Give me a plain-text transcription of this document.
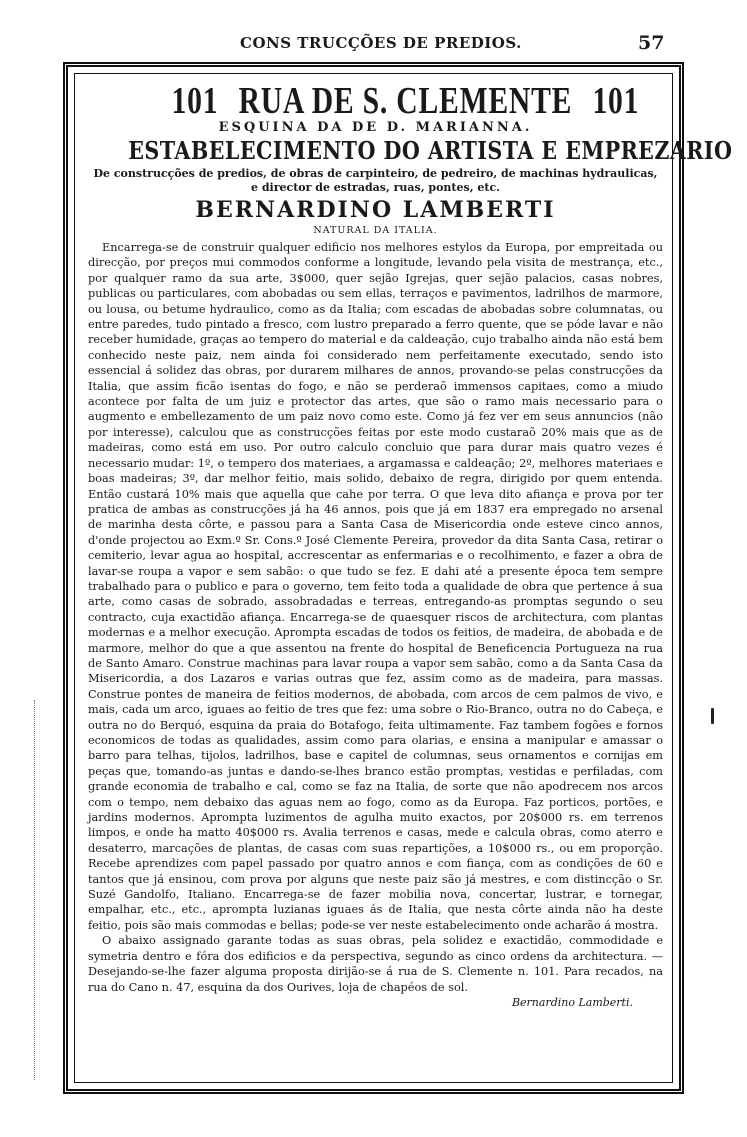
CONS TRUCÇÕES DE PREDIOS.	57
101 RUA DE S. CLEMENTE 101
ESQUINA DA DE D. MARIANNA.
ESTABELECIMENTO DO ARTISTA E EMPREZARIO
De construcções de predios, de obras de carpinteiro, de pedreiro, de machinas hydraulicas, e director de estradas, ruas, pontes, etc.
BERNARDINO LAMBERTI
NATURAL DA ITALIA.

Encarrega-se de construir qualquer edificio nos melhores estylos da Europa, por empreitada ou direcção, por preços mui commodos conforme a longitude, levando pela visita de mestrança, etc., por qualquer ramo da sua arte, 3$000, quer sejão Igrejas, quer sejão palacios, casas nobres, publicas ou particulares, com abobadas ou sem ellas, terraços e pavimentos, ladrilhos de marmore, ou lousa, ou betume hydraulico, como as da Italia; com escadas de abobadas sobre columnatas, ou entre paredes, tudo pintado a fresco, com lustro preparado a ferro quente, que se póde lavar e não receber humidade, graças ao tempero do material e da caldeação, cujo trabalho ainda não está bem conhecido neste paiz, nem ainda foi considerado nem perfeitamente executado, sendo isto essencial á solidez das obras, por durarem milhares de annos, provando-se pelas construcções da Italia, que assim ficão isentas do fogo, e não se perderaõ immensos capitaes, como a miudo acontece por falta de um juiz e protector das artes, que são o ramo mais necessario para o augmento e embellezamento de um paiz novo como este. Como já fez ver em seus annuncios (não por interesse), calculou que as construcções feitas por este modo custaraõ 20% mais que as de madeiras, como está em uso. Por outro calculo concluio que para durar mais quatro vezes é necessario mudar: 1º, o tempero dos materiaes, a argamassa e caldeação; 2º, melhores materiaes e boas madeiras; 3º, dar melhor feitio, mais solido, debaixo de regra, dirigido por quem entenda. Então custará 10% mais que aquella que cahe por terra. O que leva dito afiança e prova por ter pratica de ambas as construcções já ha 46 annos, pois que já em 1837 era empregado no arsenal de marinha desta côrte, e passou para a Santa Casa de Misericordia onde esteve cinco annos, d'onde projectou ao Exm.º Sr. Cons.º José Clemente Pereira, provedor da dita Santa Casa, retirar o cemiterio, levar agua ao hospital, accrescentar as enfermarias e o recolhimento, e fazer a obra de lavar-se roupa a vapor e sem sabão: o que tudo se fez. E dahi até a presente época tem sempre trabalhado para o publico e para o governo, tem feito toda a qualidade de obra que pertence á sua arte, como casas de sobrado, assobradadas e terreas, entregando-as promptas segundo o seu contracto, cuja exactidão afiança. Encarrega-se de quaesquer riscos de architectura, com plantas modernas e a melhor execução. Apromptа escadas de todos os feitios, de madeira, de abobada e de marmore, melhor do que a que assentou na frente do hospital de Beneficencia Portugueza na rua de Santo Amaro. Construe machinas para lavar roupa a vapor sem sabão, como a da Santa Casa da Misericordia, a dos Lazaros e varias outras que fez, assim como as de madeira, para massas. Construe pontes de maneira de feitios modernos, de abobada, com arcos de cem palmos de vivo, e mais, cada um arco, iguaes ao feitio de tres que fez: uma sobre o Rio-Branco, outra no do Cabeça, e outra no do Berquó, esquina da praia do Botafogo, feita ultimamente. Faz tambem fogões e fornos economicos de todas as qualidades, assim como para olarias, e ensina a manipular e amassar o barro para telhas, tijolos, ladrilhos, base e capitel de columnas, seus ornamentos e cornijas em peças que, tomando-as juntas e dando-se-lhes branco estão promptas, vestidas e perfiladas, com grande economia de trabalho e cal, como se faz na Italia, de sorte que não apodrecem nos arcos com o tempo, nem debaixo das aguas nem ao fogo, como as da Europa. Faz porticos, portões, e jardins modernos. Apromptа luzimentos de agulha muito exactos, por 20$000 rs. em terrenos limpos, e onde ha matto 40$000 rs. Avalia terrenos e casas, mede e calcula obras, como aterro e desaterro, marcações de plantas, de casas com suas repartições, a 10$000 rs., ou em proporção. Recebe aprendizes com papel passado por quatro annos e com fiança, com as condições de 60 e tantos que já ensinou, com prova por alguns que neste paiz são já mestres, e com distincção o Sr. Suzé Gandolfo, Italiano. Encarrega-se de fazer mobilia nova, concertar, lustrar, e tornegar, empalhar, etc., etc., apromptа luzianas iguaes ás de Italia, que nesta côrte ainda não ha deste feitio, pois são mais commodas e bellas; pode-se ver neste estabelecimento onde acharão á mostra.

O abaixo assignado garante todas as suas obras, pela solidez e exactidão, commodidade e symetria dentro e fóra dos edificios e da perspectiva, segundo as cinco ordens da architectura. — Desejando-se-lhe fazer alguma proposta dirijão-se á rua de S. Clemente n. 101. Para recados, na rua do Cano n. 47, esquina da dos Ourives, loja de chapéos de sol.

Bernardino Lamberti.
